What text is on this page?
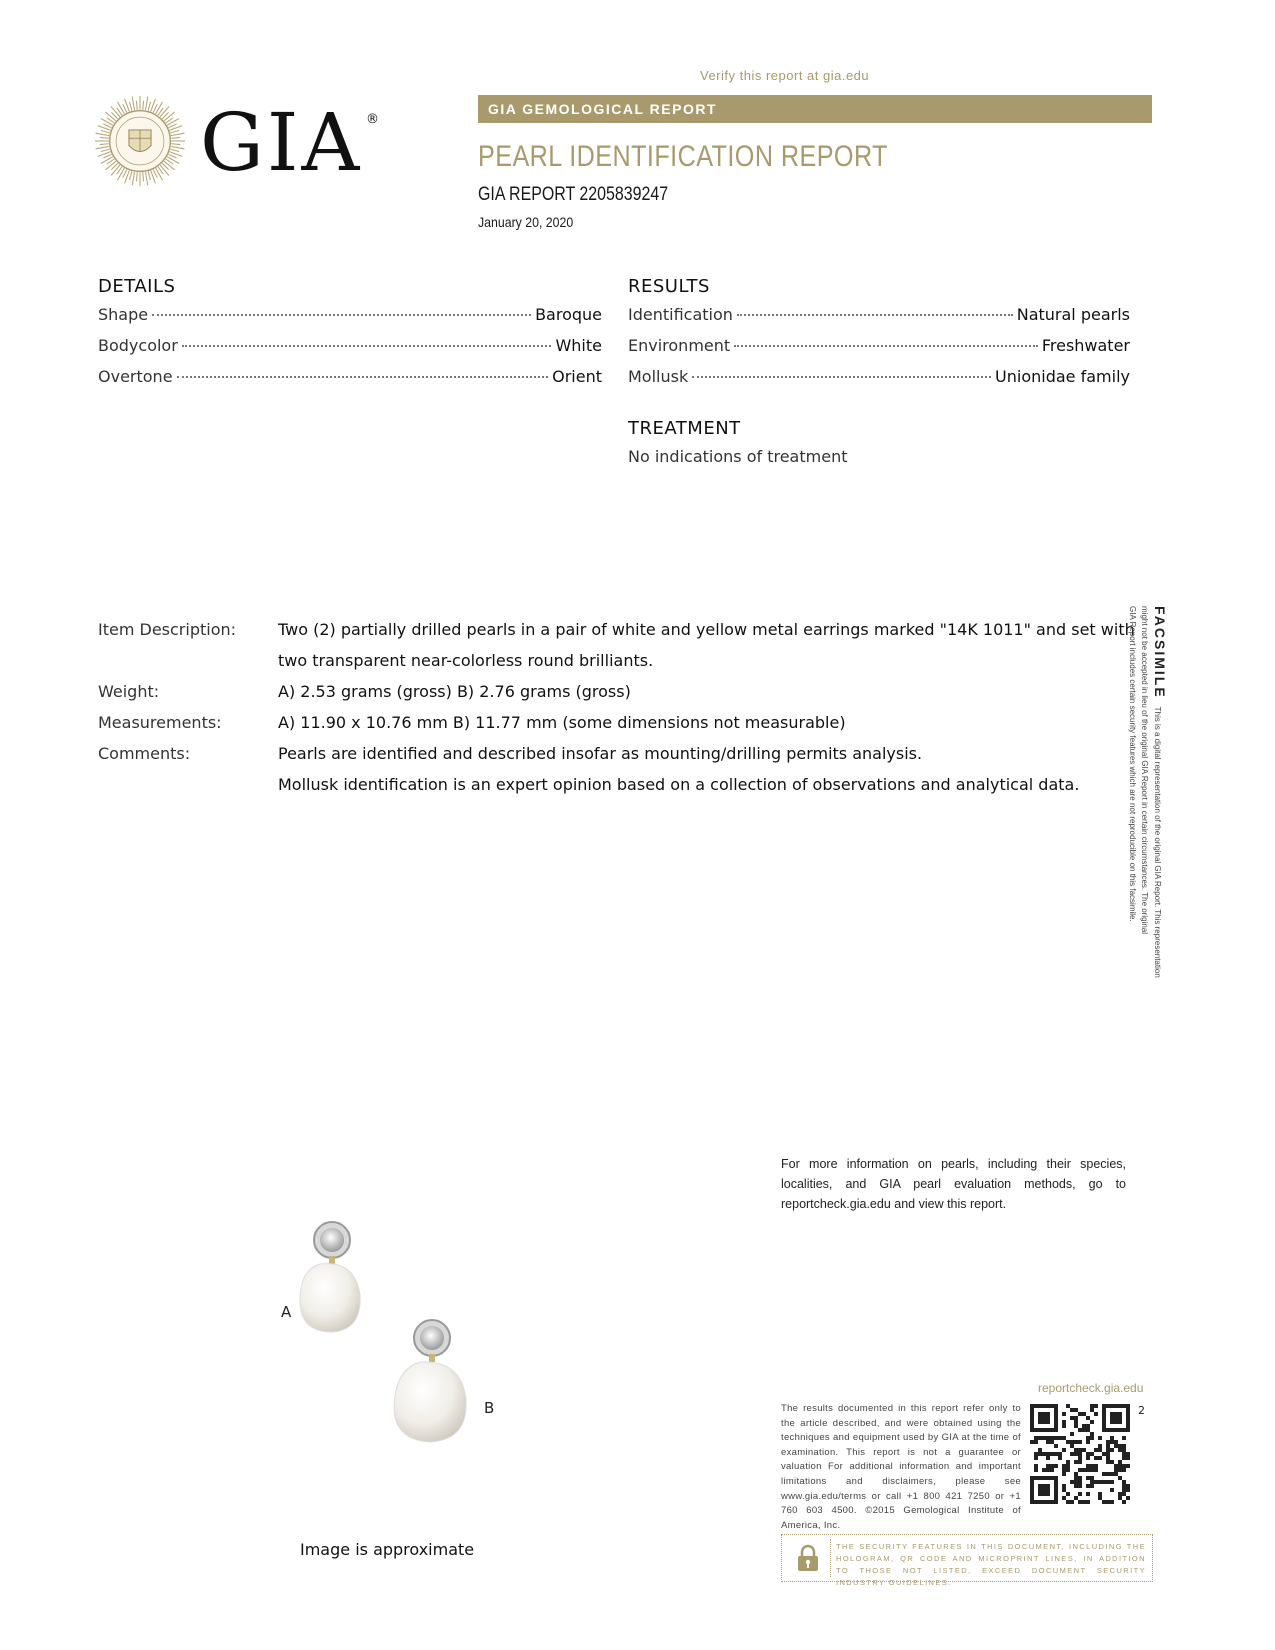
Verify this report at gia.edu
GIA ®
GIA GEMOLOGICAL REPORT
PEARL IDENTIFICATION REPORT
GIA REPORT 2205839247
January 20, 2020
DETAILS
Shape	Baroque
Bodycolor	White
Overtone	Orient
RESULTS
Identification	Natural pearls
Environment	Freshwater
Mollusk	Unionidae family
TREATMENT
No indications of treatment
Item Description:	Two (2) partially drilled pearls in a pair of white and yellow metal earrings marked "14K 1011" and set with
two transparent near-colorless round brilliants.
Weight:	A) 2.53 grams (gross) B) 2.76 grams (gross)
Measurements:	A) 11.90 x 10.76 mm B) 11.77 mm (some dimensions not measurable)
Comments:	Pearls are identified and described insofar as mounting/drilling permits analysis.
Mollusk identification is an expert opinion based on a collection of observations and analytical data.
FACSIMILEThis is a digital representation of the original GIA Report. This representation
might not be accepted in lieu of the original GIA Report in certain circumstances. The original
GIA Report includes certain security features which are not reproducible on this facsimile.
For more information on pearls, including their species, localities, and GIA pearl evaluation methods, go to reportcheck.gia.edu and view this report.
A
B
Image is approximate
reportcheck.gia.edu
The results documented in this report refer only to the article described, and were obtained using the techniques and equipment used by GIA at the time of examination. This report is not a guarantee or valuation For additional information and important limitations and disclaimers, please see www.gia.edu/terms or call +1 800 421 7250 or +1 760 603 4500. ©2015 Gemological Institute of America, Inc.
2
THE SECURITY FEATURES IN THIS DOCUMENT, INCLUDING THE HOLOGRAM, QR CODE AND MICROPRINT LINES, IN ADDITION TO THOSE NOT LISTED, EXCEED DOCUMENT SECURITY INDUSTRY GUIDELINES.
